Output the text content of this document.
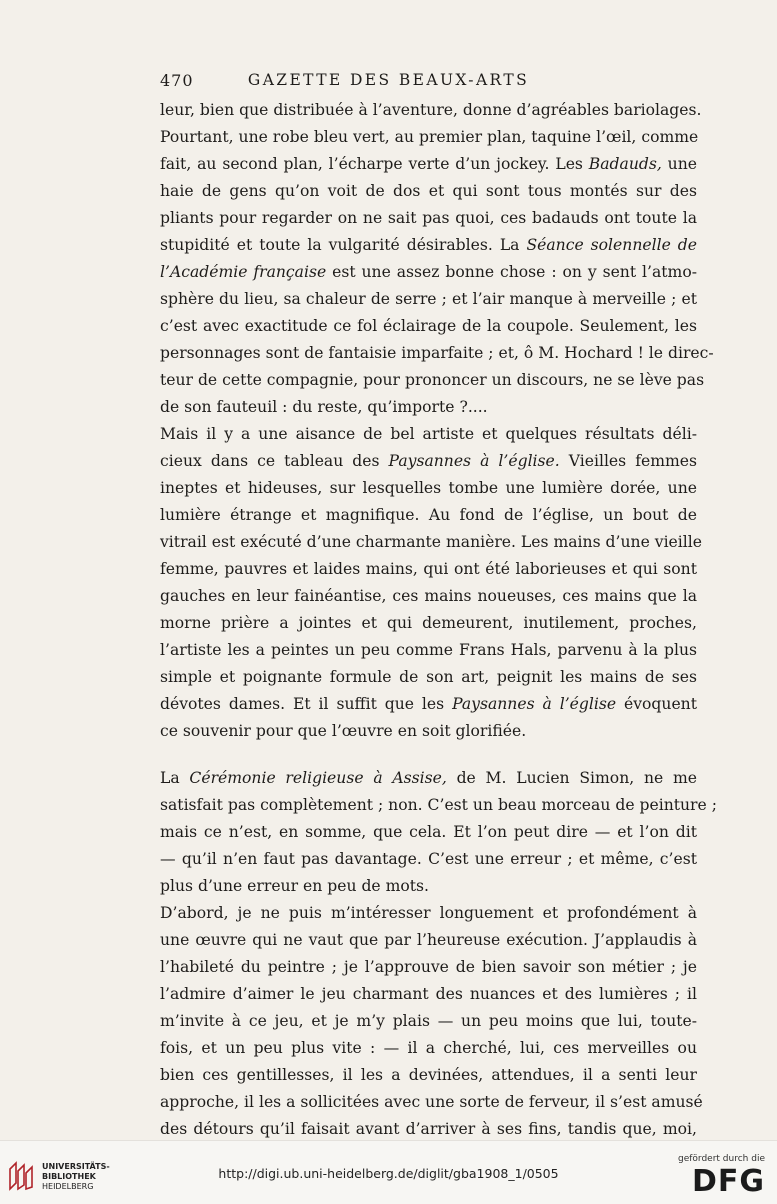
470	GAZETTE DES BEAUX-ARTS
leur, bien que distribuée à l’aventure, donne d’agréables bariolages.
Pourtant, une robe bleu vert, au premier plan, taquine l’œil, comme
fait, au second plan, l’écharpe verte d’un jockey. Les Badauds, une
haie de gens qu’on voit de dos et qui sont tous montés sur des
pliants pour regarder on ne sait pas quoi, ces badauds ont toute la
stupidité et toute la vulgarité désirables. La Séance solennelle de
l’Académie française est une assez bonne chose : on y sent l’atmo-
sphère du lieu, sa chaleur de serre ; et l’air manque à merveille ; et
c’est avec exactitude ce fol éclairage de la coupole. Seulement, les
personnages sont de fantaisie imparfaite ; et, ô M. Hochard ! le direc-
teur de cette compagnie, pour prononcer un discours, ne se lève pas
de son fauteuil : du reste, qu’importe ?....
Mais il y a une aisance de bel artiste et quelques résultats déli-
cieux dans ce tableau des Paysannes à l’église. Vieilles femmes
ineptes et hideuses, sur lesquelles tombe une lumière dorée, une
lumière étrange et magnifique. Au fond de l’église, un bout de
vitrail est exécuté d’une charmante manière. Les mains d’une vieille
femme, pauvres et laides mains, qui ont été laborieuses et qui sont
gauches en leur fainéantise, ces mains noueuses, ces mains que la
morne prière a jointes et qui demeurent, inutilement, proches,
l’artiste les a peintes un peu comme Frans Hals, parvenu à la plus
simple et poignante formule de son art, peignit les mains de ses
dévotes dames. Et il suffit que les Paysannes à l’église évoquent
ce souvenir pour que l’œuvre en soit glorifiée.
La Cérémonie religieuse à Assise, de M. Lucien Simon, ne me
satisfait pas complètement ; non. C’est un beau morceau de peinture ;
mais ce n’est, en somme, que cela. Et l’on peut dire — et l’on dit
— qu’il n’en faut pas davantage. C’est une erreur ; et même, c’est
plus d’une erreur en peu de mots.
D’abord, je ne puis m’intéresser longuement et profondément à
une œuvre qui ne vaut que par l’heureuse exécution. J’applaudis à
l’habileté du peintre ; je l’approuve de bien savoir son métier ; je
l’admire d’aimer le jeu charmant des nuances et des lumières ; il
m’invite à ce jeu, et je m’y plais — un peu moins que lui, toute-
fois, et un peu plus vite : — il a cherché, lui, ces merveilles ou
bien ces gentillesses, il les a devinées, attendues, il a senti leur
approche, il les a sollicitées avec une sorte de ferveur, il s’est amusé
des détours qu’il faisait avant d’arriver à ses fins, tandis que, moi,
UNIVERSITÄTS-
BIBLIOTHEK
HEIDELBERG
http://digi.ub.uni-heidelberg.de/diglit/gba1908_1/0505
gefördert durch die
DFG
